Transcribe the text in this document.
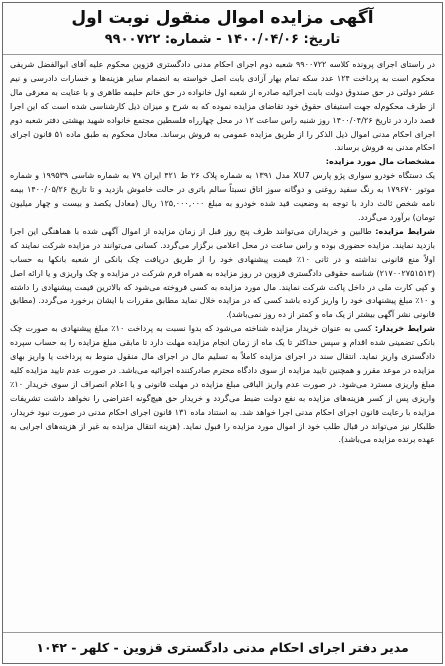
آگهی مزایده اموال منقول نوبت اول
تاریخ: ۱۴۰۰/۰۴/۰۶ - شماره: ۹۹۰۰۷۲۲

در راستای اجرای پرونده کلاسه ۹۹۰۰۷۲۲ شعبه دوم اجرای احکام مدنی دادگستری قزوین محکوم علیه آقای ابوالفضل شریفی محکوم است به پرداخت ۱۲۴ عدد سکه تمام بهار آزادی بابت اصل خواسته به انضمام سایر هزینه‌ها و خسارات دادرسی و نیم عشر دولتی در حق صندوق دولت بابت اجرائیه صادره از شعبه اول خانواده در حق خانم حلیمه طاهری و با عنایت به معرفی مال از طرف محکوم‌له جهت استیفای حقوق خود تقاضای مزایده نموده که به شرح و میزان ذیل کارشناسی شده است که این اجرا قصد دارد در تاریخ ۱۴۰۰/۰۴/۲۶ روز شنبه راس ساعت ۱۲ در محل چهارراه فلسطین مجتمع خانواده شهید بهشتی دفتر شعبه دوم اجرای احکام مدنی اموال ذیل الذکر را از طریق مزایده عمومی به فروش برساند. معادل محکوم به طبق ماده ۵۱ قانون اجرای احکام مدنی به فروش برساند.

مشخصات مال مورد مزایده:

یک دستگاه خودرو سواری پژو پارس XU7 مدل ۱۳۹۱ به شماره پلاک ۲۶ ط ۴۲۱ ایران ۷۹ به شماره شاسی ۱۹۹۵۳۹ و شماره موتور ۱۷۹۶۷۰ به رنگ سفید روغنی و دوگانه سوز اتاق نسبتاً سالم باتری در حالت خاموش بازدید و تا تاریخ ۱۴۰۰/۰۵/۲۶ بیمه نامه شخص ثالث دارد با توجه به وضعیت قید شده خودرو به مبلغ ۱۲۵,۰۰۰,۰۰۰ ریال (معادل یکصد و بیست و چهار میلیون تومان) برآورد می‌گردد.

شرایط مزایده: طالبین و خریداران می‌توانند ظرف پنج روز قبل از زمان مزایده از اموال آگهی شده با هماهنگی این اجرا بازدید نمایند. مزایده حضوری بوده و راس ساعت در محل اعلامی برگزار می‌گردد. کسانی می‌توانند در مزایده شرکت نمایند که اولاً منع قانونی نداشته و در ثانی ۱۰٪ قیمت پیشنهادی خود را از طریق دریافت چک بانکی از شعبه بانکها به حساب (۲۱۷۰۰۲۷۵۱۵۱۳) شناسه حقوقی دادگستری قزوین در روز مزایده به همراه فرم شرکت در مزایده و چک واریزی و یا ارائه اصل و کپی کارت ملی در داخل پاکت شرکت نمایند. مال مورد مزایده به کسی فروخته می‌شود که بالاترین قیمت پیشنهادی را داشته و ۱۰٪ مبلغ پیشنهادی خود را واریز کرده باشد کسی که در مزایده خلال نماید مطابق مقررات با ایشان برخورد می‌گردد. (مطابق قانونی نشر آگهی بیشتر از یک ماه و کمتر از ده روز نمی‌باشد).

شرایط خریدار: کسی به عنوان خریدار مزایده شناخته می‌شود که بدوا نسبت به پرداخت ۱۰٪ مبلغ پیشنهادی به صورت چک بانکی تضمینی شده اقدام و سپس حداکثر تا یک ماه از زمان انجام مزایده مهلت دارد تا مابقی مبلغ مزایده را به حساب سپرده دادگستری واریز نماید. انتقال سند در اجرای مزایده کاملاً به تسلیم مال در اجرای مال منقول منوط به پرداخت یا واریز بهای مزایده در موعد مقرر و همچنین تایید مزایده از سوی دادگاه محترم صادرکننده اجرائیه می‌باشد. در صورت عدم تایید مزایده کلیه مبلغ واریزی مسترد می‌شود. در صورت عدم واریز الباقی مبلغ مزایده در مهلت قانونی و یا اعلام انصراف از سوی خریدار ۱۰٪ واریزی پس از کسر هزینه‌های مزایده به نفع دولت ضبط می‌گردد و خریدار حق هیچ‌گونه اعتراضی را نخواهد داشت تشریفات مزایده با رعایت قانون اجرای احکام مدنی اجرا خواهد شد. به استناد ماده ۱۳۱ قانون اجرای احکام مدنی در صورت نبود خریدار، طلبکار نیز می‌تواند در قبال طلب خود از اموال مورد مزایده را قبول نماید. (هزینه انتقال مزایده به غیر از هزینه‌های اجرایی به عهده برنده مزایده می‌باشد).

مدیر دفتر اجرای احکام مدنی دادگستری قزوین - کلهر - ۱۰۴۲
